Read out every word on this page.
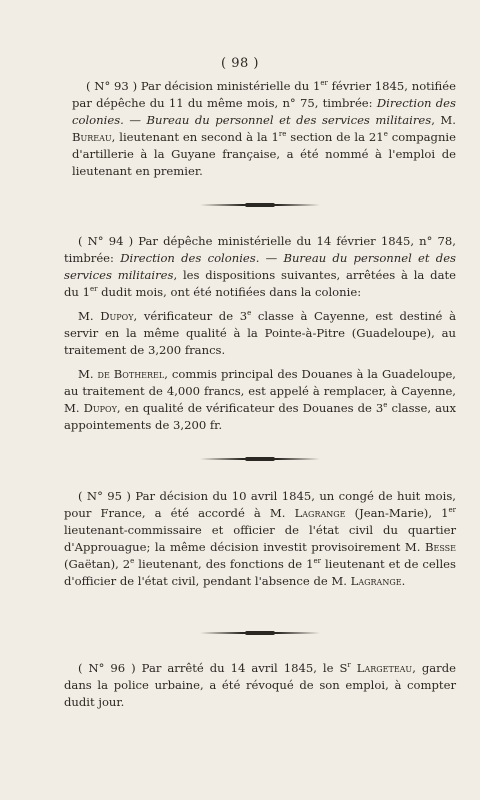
( 98 )

( N° 93 ) Par décision ministérielle du 1er février 1845, notifiée par dépêche du 11 du même mois, n° 75, timbrée: Direction des colonies. — Bureau du personnel et des services militaires, M. Bureau, lieutenant en second à la 1re section de la 21e compagnie d'artillerie à la Guyane française, a été nommé à l'emploi de lieutenant en premier.

( N° 94 ) Par dépêche ministérielle du 14 février 1845, n° 78, timbrée: Direction des colonies. — Bureau du personnel et des services militaires, les dispositions suivantes, arrêtées à la date du 1er dudit mois, ont été notifiées dans la colonie:

M. Dupoy, vérificateur de 3e classe à Cayenne, est destiné à servir en la même qualité à la Pointe-à-Pitre (Guadeloupe), au traitement de 3,200 francs.

M. de Botherel, commis principal des Douanes à la Guadeloupe, au traitement de 4,000 francs, est appelé à remplacer, à Cayenne, M. Dupoy, en qualité de vérificateur des Douanes de 3e classe, aux appointements de 3,200 fr.

( N° 95 ) Par décision du 10 avril 1845, un congé de huit mois, pour France, a été accordé à M. Lagrange (Jean-Marie), 1er lieutenant-commissaire et officier de l'état civil du quartier d'Approuague; la même décision investit provisoirement M. Besse (Gaëtan), 2e lieutenant, des fonctions de 1er lieutenant et de celles d'officier de l'état civil, pendant l'absence de M. Lagrange.

( N° 96 ) Par arrêté du 14 avril 1845, le $S^r$ Largeteau, garde dans la police urbaine, a été révoqué de son emploi, à compter dudit jour.
